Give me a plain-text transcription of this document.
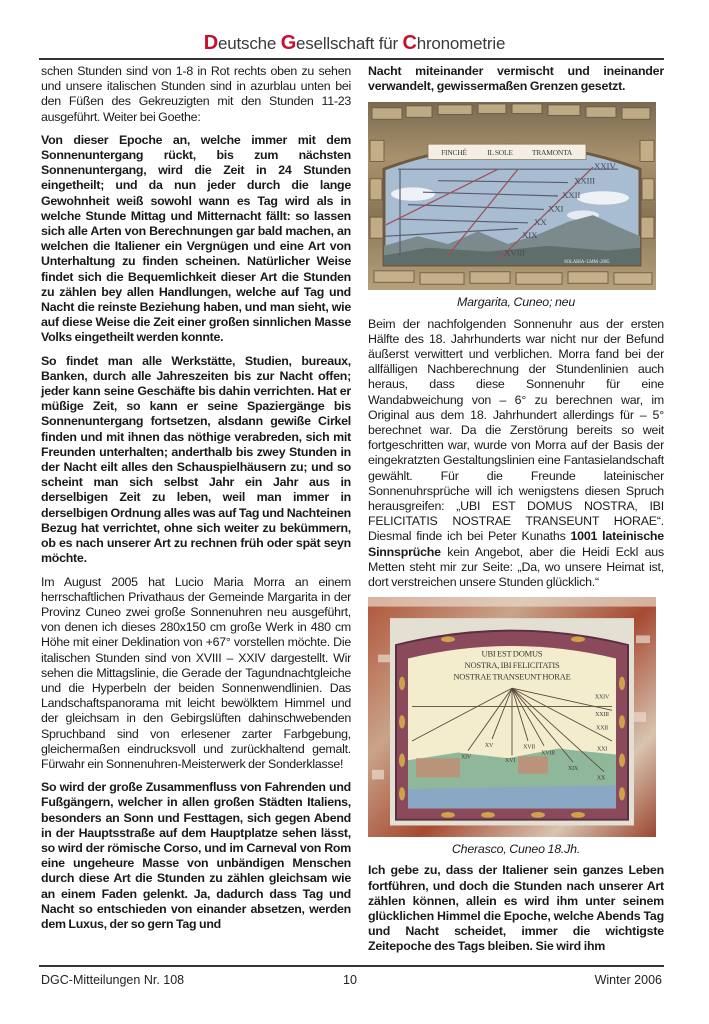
Deutsche Gesellschaft für Chronometrie

schen Stunden sind von 1-8 in Rot rechts oben zu sehen und unsere italischen Stunden sind in azurblau unten bei den Füßen des Gekreuzigten mit den Stunden 11-23 ausgeführt. Weiter bei Goethe:

Von dieser Epoche an, welche immer mit dem Sonnenuntergang rückt, bis zum nächsten Sonnenuntergang, wird die Zeit in 24 Stunden eingetheilt; und da nun jeder durch die lange Gewohnheit weiß sowohl wann es Tag wird als in welche Stunde Mittag und Mitternacht fällt: so lassen sich alle Arten von Berechnungen gar bald machen, an welchen die Italiener ein Vergnügen und eine Art von Unterhaltung zu finden scheinen. Natürlicher Weise findet sich die Bequemlichkeit dieser Art die Stunden zu zählen bey allen Handlungen, welche auf Tag und Nacht die reinste Beziehung haben, und man sieht, wie auf diese Weise die Zeit einer großen sinnlichen Masse Volks eingetheilt werden konnte.

So findet man alle Werkstätte, Studien, bureaux, Banken, durch alle Jahreszeiten bis zur Nacht offen; jeder kann seine Geschäfte bis dahin verrichten. Hat er müßige Zeit, so kann er seine Spaziergänge bis Sonnenuntergang fortsetzen, alsdann gewiße Cirkel finden und mit ihnen das nöthige verabreden, sich mit Freunden unterhalten; anderthalb bis zwey Stunden in der Nacht eilt alles den Schauspielhäusern zu; und so scheint man sich selbst Jahr ein Jahr aus in derselbigen Zeit zu leben, weil man immer in derselbigen Ordnung alles was auf Tag und Nachteinen Bezug hat verrichtet, ohne sich weiter zu bekümmern, ob es nach unserer Art zu rechnen früh oder spät seyn möchte.

Im August 2005 hat Lucio Maria Morra an einem herrschaftlichen Privathaus der Gemeinde Margarita in der Provinz Cuneo zwei große Sonnenuhren neu ausgeführt, von denen ich dieses 280x150 cm große Werk in 480 cm Höhe mit einer Deklination von +67° vorstellen möchte. Die italischen Stunden sind von XVIII – XXIV dargestellt. Wir sehen die Mittagslinie, die Gerade der Tagundnachtgleiche und die Hyperbeln der beiden Sonnenwendlinien. Das Landschaftspanorama mit leicht bewölktem Himmel und der gleichsam in den Gebirgslüften dahinschwebenden Spruchband sind von erlesener zarter Farbgebung, gleichermaßen eindrucksvoll und zurückhaltend gemalt. Fürwahr ein Sonnenuhren-Meisterwerk der Sonderklasse!

So wird der große Zusammenfluss von Fahrenden und Fußgängern, welcher in allen großen Städten Italiens, besonders an Sonn und Festtagen, sich gegen Abend in der Hauptsstraße auf dem Hauptplatze sehen lässt, so wird der römische Corso, und im Carneval von Rom eine ungeheure Masse von unbändigen Menschen durch diese Art die Stunden zu zählen gleichsam wie an einem Faden gelenkt. Ja, dadurch dass Tag und Nacht so entschieden von einander absetzen, werden dem Luxus, der so gern Tag und

Nacht miteinander vermischt und ineinander verwandelt, gewissermaßen Grenzen gesetzt.

FINCHÉ	IL SOLE	TRAMONTA
XXIV
XXIII
XXII
XXI
XX
XIX
XVIII
SOLARIA - LMM - 2005
Margarita, Cuneo; neu

Beim der nachfolgenden Sonnenuhr aus der ersten Hälfte des 18. Jahrhunderts war nicht nur der Befund äußerst verwittert und verblichen. Morra fand bei der allfälligen Nachberechnung der Stundenlinien auch heraus, dass diese Sonnenuhr für eine Wandabweichung von – 6° zu berechnen war, im Original aus dem 18. Jahrhundert allerdings für – 5° berechnet war. Da die Zerstörung bereits so weit fortgeschritten war, wurde von Morra auf der Basis der eingekratzten Gestaltungslinien eine Fantasielandschaft gewählt. Für die Freunde lateinischer Sonnenuhrsprüche will ich wenigstens diesen Spruch herausgreifen: „UBI EST DOMUS NOSTRA, IBI FELICITATIS NOSTRAE TRANSEUNT HORAE“. Diesmal finde ich bei Peter Kunaths 1001 lateinische Sinnsprüche kein Angebot, aber die Heidi Eckl aus Metten steht mir zur Seite: „Da, wo unsere Heimat ist, dort verstreichen unsere Stunden glücklich.“

UBI EST DOMUS
NOSTRA, IBI FELICITATIS
NOSTRAE TRANSEUNT HORAE
XIV
XV
XVI
XVII
XVIII
XIX
XX
XXI
XXII
XXIII
XXIV
Cherasco, Cuneo 18.Jh.

Ich gebe zu, dass der Italiener sein ganzes Leben fortführen, und doch die Stunden nach unserer Art zählen können, allein es wird ihm unter seinem glücklichen Himmel die Epoche, welche Abends Tag und Nacht scheidet, immer die wichtigste Zeitepoche des Tags bleiben. Sie wird ihm

DGC-Mitteilungen Nr. 108	10	Winter 2006
